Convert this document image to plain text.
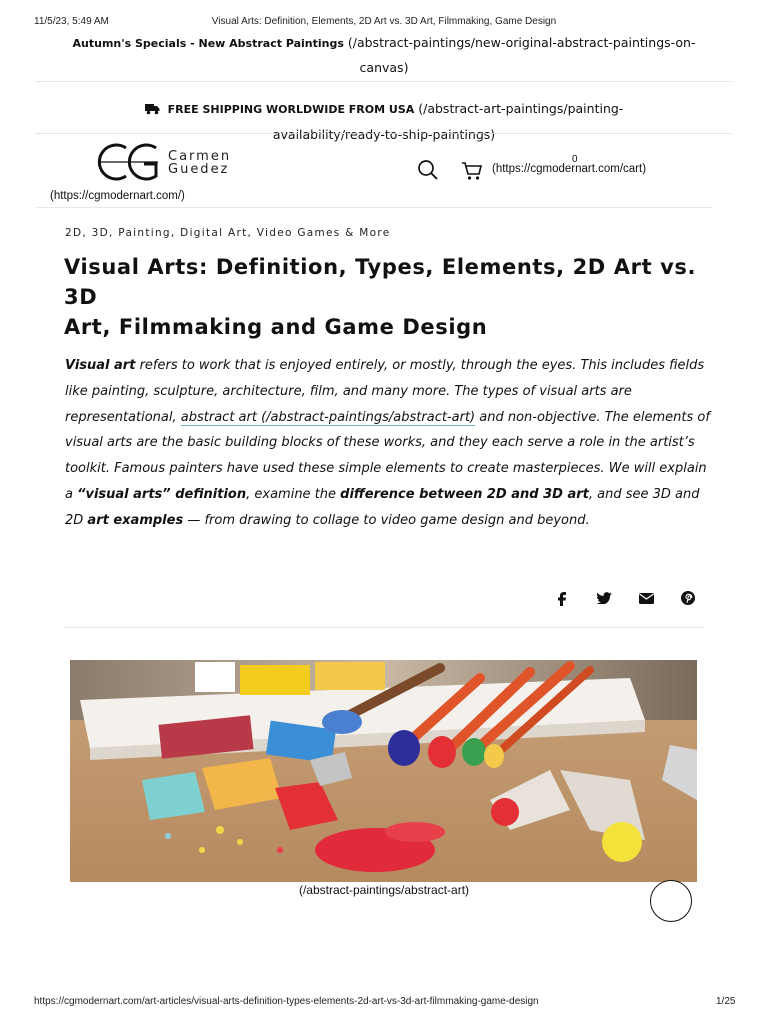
11/5/23, 5:49 AM	Visual Arts: Definition, Elements, 2D Art vs. 3D Art, Filmmaking, Game Design
Autumn's Specials - New Abstract Paintings (/abstract-paintings/new-original-abstract-paintings-on-
canvas)
FREE SHIPPING WORLDWIDE FROM USA (/abstract-art-paintings/painting-
availability/ready-to-ship-paintings)
Carmen
Guedez
(https://cgmodernart.com/)
0
(https://cgmodernart.com/cart)
2D, 3D, Painting, Digital Art, Video Games & More
Visual Arts: Definition, Types, Elements, 2D Art vs. 3D
Art, Filmmaking and Game Design
Visual art refers to work that is enjoyed entirely, or mostly, through the eyes. This includes fields like painting, sculpture, architecture, film, and many more. The types of visual arts are representational, abstract art (/abstract-paintings/abstract-art) and non-objective. The elements of visual arts are the basic building blocks of these works, and they each serve a role in the artist’s toolkit. Famous painters have used these simple elements to create masterpieces. We will explain a “visual arts” definition, examine the difference between 2D and 3D art, and see 3D and 2D art examples — from drawing to collage to video game design and beyond.
(/abstract-paintings/abstract-art)
https://cgmodernart.com/art-articles/visual-arts-definition-types-elements-2d-art-vs-3d-art-filmmaking-game-design	1/25
